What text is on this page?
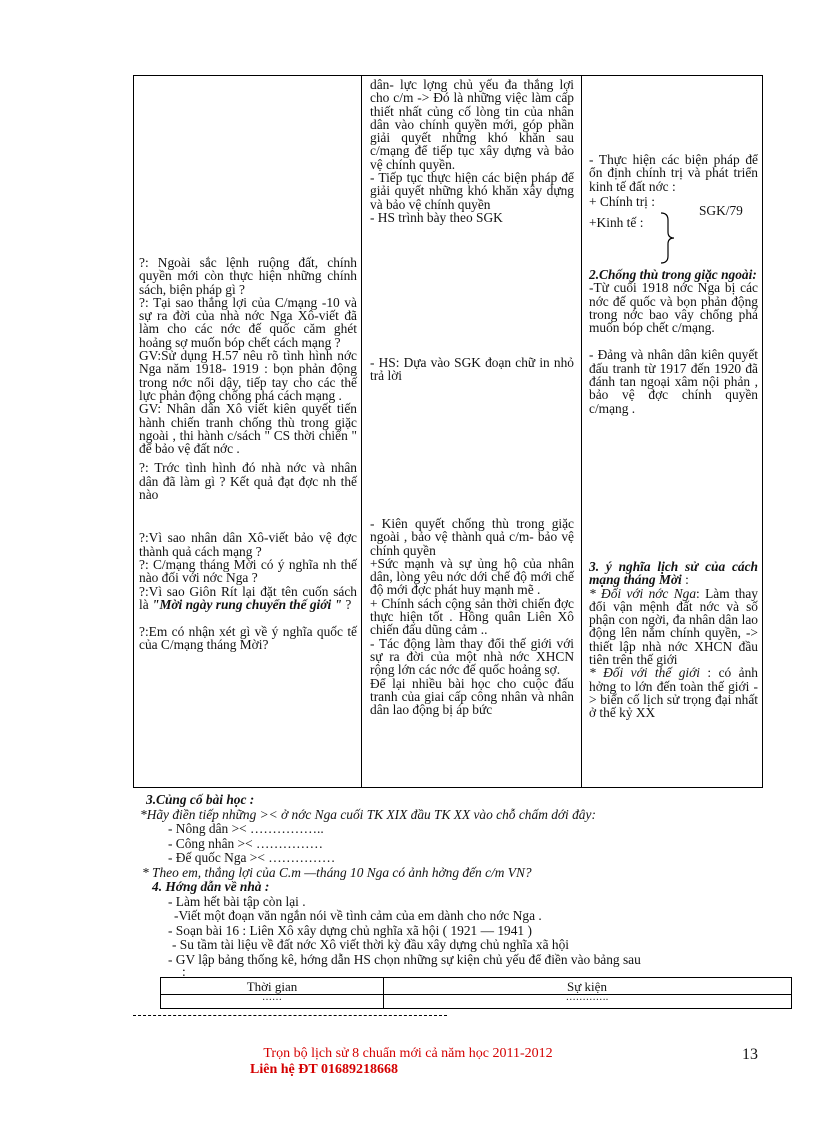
?: Ngoài sắc lệnh ruộng đất, chính quyền mới còn thực hiện những chính sách, biện pháp gì ?

?: Tại sao thắng lợi của C/mạng -10 và sự ra đời của nhà nớc Nga Xô-viết đã làm cho các nớc đế quốc căm ghét hoảng sợ muốn bóp chết cách mạng ?

GV:Sử dụng H.57 nêu rõ tình hình nớc Nga năm 1918- 1919 : bọn phản động trong nớc nổi dậy, tiếp tay cho các thế lực phản động chống phá cách mạng .

GV: Nhân dân Xô viết kiên quyết tiến hành chiến tranh chống thù trong giặc ngoài , thi hành c/sách " CS thời chiến " để bảo vệ đất nớc .

?: Trớc tình hình đó nhà nớc và nhân dân đã làm gì ? Kết quả đạt đợc nh thế nào

?:Vì sao nhân dân Xô-viết bảo vệ đợc thành quả cách mạng ?

?: C/mạng tháng Mời có ý nghĩa nh thế nào đối với nớc Nga ?

?:Vì sao Giôn Rít lại đặt tên cuốn sách là "Mời ngày rung chuyển thế giới " ?

?:Em có nhận xét gì về ý nghĩa quốc tế của C/mạng tháng Mời?

dân- lực lợng chủ yếu đa thắng lợi cho c/m -> Đó là những việc làm cấp thiết nhất củng cố lòng tin của nhân dân vào chính quyền mới, góp phần giải quyết những khó khăn sau c/mạng để tiếp tục xây dựng và bảo vệ chính quyền.

- Tiếp tục thực hiện các biện pháp để giải quyết những khó khăn xây dựng và bảo vệ chính quyền

- HS trình bày theo SGK

- HS: Dựa vào SGK đoạn chữ in nhỏ trả lời

- Kiên quyết chống thù trong giặc ngoài , bảo vệ thành quả c/m- bảo vệ chính quyền

+Sức mạnh và sự ủng hộ của nhân dân, lòng yêu nớc dới chế độ mới chế độ mới đợc phát huy mạnh mẽ .

+ Chính sách cộng sản thời chiến đợc thực hiện tốt . Hồng quân Liên Xô chiến đấu dũng cảm ..

- Tác động làm thay đổi thế giới với sự ra đời của một nhà nớc XHCN rộng lớn các nớc đế quốc hoảng sợ.

Để lại nhiều bài học cho cuộc đấu tranh của giai cấp công nhân và nhân dân lao động bị áp bức

- Thực hiện các biện pháp để ổn định chính trị và phát triển kinh tế đất nớc :

+ Chính trị :SGK/79

+Kinh tế :

2.Chống thù trong giặc ngoài:

-Từ cuối 1918 nớc Nga bị các nớc đế quốc và bọn phản động trong nớc bao vây chống phá muốn bóp chết c/mạng.

- Đảng và nhân dân kiên quyết đấu tranh từ 1917 đến 1920 đã đánh tan ngoại xâm nội phản , bảo vệ đợc chính quyền c/mạng .

3. ý nghĩa lịch sử của cách mạng tháng Mời :

* Đối với nớc Nga: Làm thay đổi vận mệnh đất nớc và số phận con ngời, đa nhân dân lao động lên nắm chính quyền, -> thiết lập nhà nớc XHCN đầu tiên trên thế giới

* Đối với thế giới : có ảnh hởng to lớn đến toàn thế giới -> biến cố lịch sử trọng đại nhất ở thế kỷ XX

3.Củng cố bài học :

*Hãy điền tiếp những >< ở nớc Nga cuối TK XIX đầu TK XX vào chỗ chấm dới đây:

- Nông dân >< ……………..

- Công nhân >< ……………

- Đế quốc Nga >< ……………

* Theo em, thắng lợi của C.m —tháng 10 Nga có ảnh hởng đến c/m VN?

4. Hớng dẫn về nhà :

- Làm hết bài tập còn lại .

-Viết một đoạn văn ngắn nói về tình cảm của em dành cho nớc Nga .

- Soạn bài 16 : Liên Xô xây dựng chủ nghĩa xã hội ( 1921 — 1941 )

- Su tầm tài liệu về đất nớc Xô viết thời kỳ đầu xây dựng chủ nghĩa xã hội

- GV lập bảng thống kê, hớng dẫn HS chọn những sự kiện chủ yếu để điền vào bảng sau

:

Thời gian	Sự kiện
……	………….
Trọn bộ lịch sử 8 chuẩn mới cả năm học 2011-2012
Liên hệ ĐT 01689218668
13
